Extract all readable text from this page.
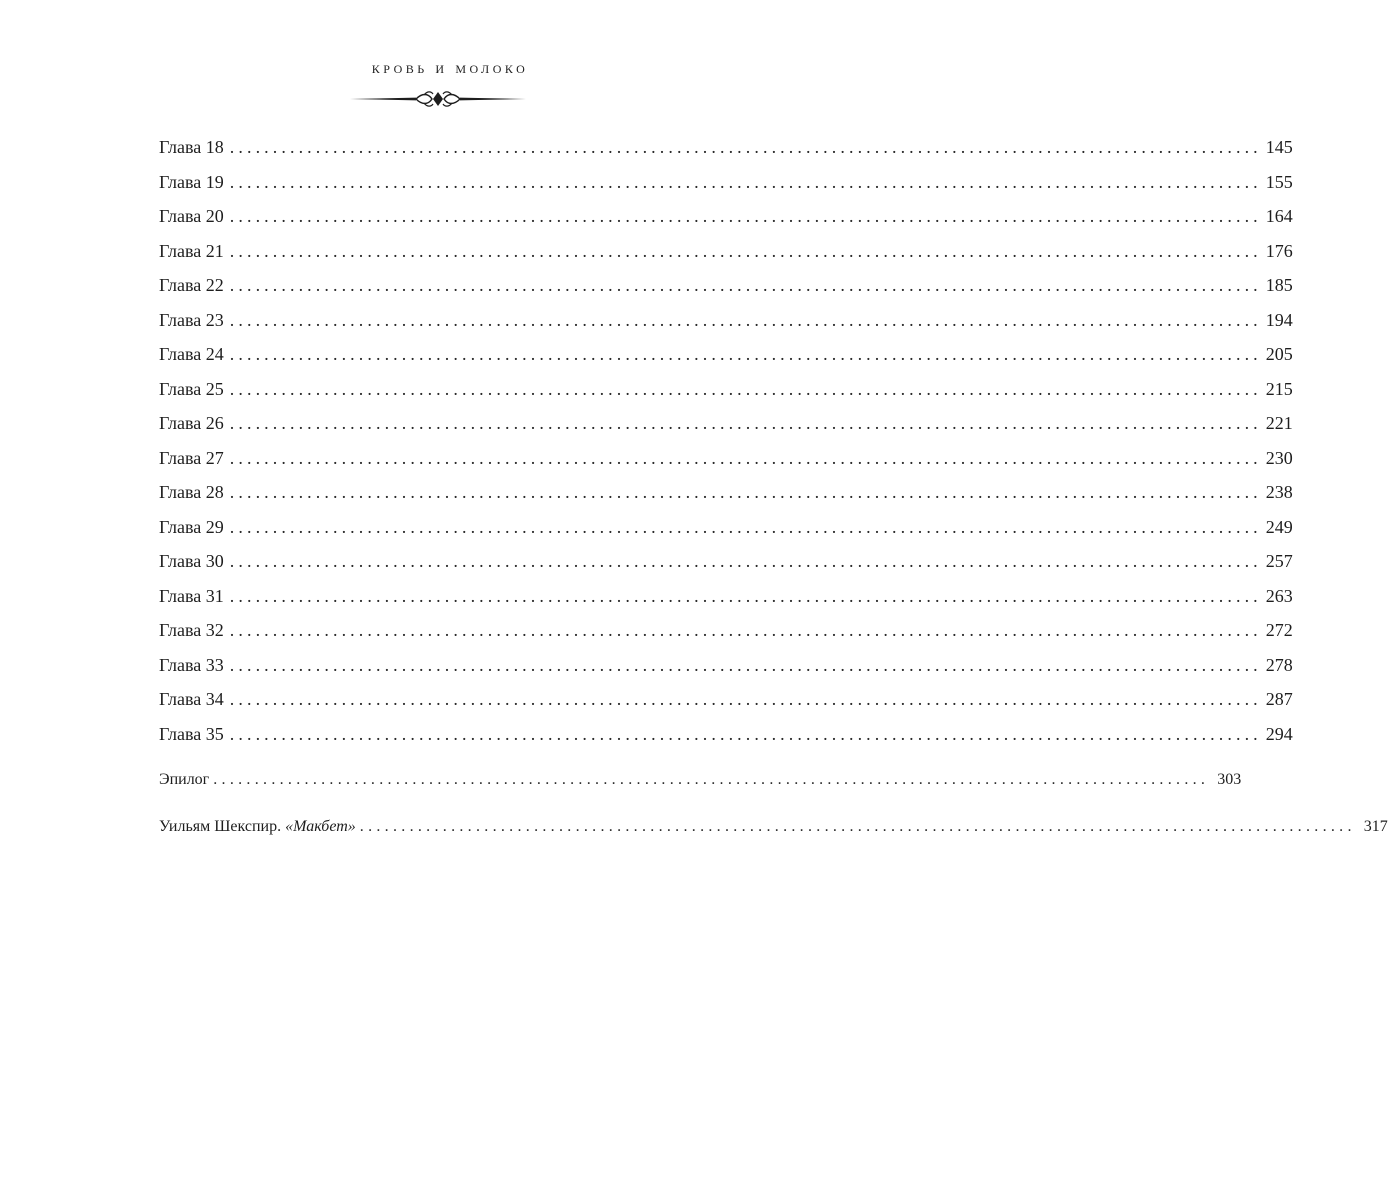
кровь и молоко
Глава 18 ........................................................................................................................ 145
Глава 19 ........................................................................................................................ 155
Глава 20 ........................................................................................................................ 164
Глава 21 ........................................................................................................................ 176
Глава 22 ........................................................................................................................ 185
Глава 23 ........................................................................................................................ 194
Глава 24 ........................................................................................................................ 205
Глава 25 ........................................................................................................................ 215
Глава 26 ........................................................................................................................ 221
Глава 27 ........................................................................................................................ 230
Глава 28 ........................................................................................................................ 238
Глава 29 ........................................................................................................................ 249
Глава 30 ........................................................................................................................ 257
Глава 31 ........................................................................................................................ 263
Глава 32 ........................................................................................................................ 272
Глава 33 ........................................................................................................................ 278
Глава 34 ........................................................................................................................ 287
Глава 35 ........................................................................................................................ 294
Эпилог ........................................................................................................................ 303
Уильям Шекспир. «Макбет» ........................................................................................................................ 317
